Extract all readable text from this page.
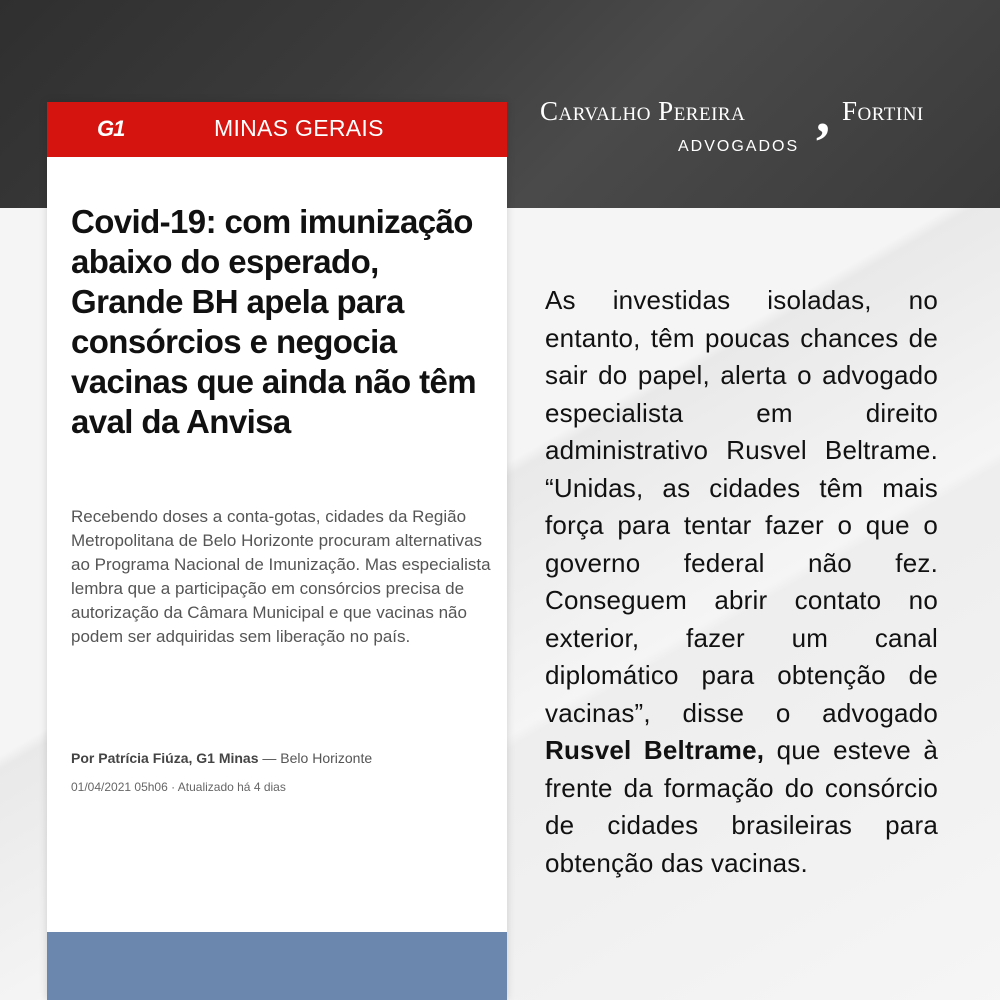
Carvalho Pereira , Fortini
ADVOGADOS
G1	MINAS GERAIS
Covid-19: com imunização abaixo do esperado, Grande BH apela para consórcios e negocia vacinas que ainda não têm aval da Anvisa

Recebendo doses a conta-gotas, cidades da Região Metropolitana de Belo Horizonte procuram alternativas ao Programa Nacional de Imunização. Mas especialista lembra que a participação em consórcios precisa de autorização da Câmara Municipal e que vacinas não podem ser adquiridas sem liberação no país.

Por Patrícia Fiúza, G1 Minas — Belo Horizonte
01/04/2021 05h06 · Atualizado há 4 dias

As investidas isoladas, no entanto, têm poucas chances de sair do papel, alerta o advogado especialista em direito administrativo Rusvel Beltrame. “Unidas, as cidades têm mais força para tentar fazer o que o governo federal não fez. Conseguem abrir contato no exterior, fazer um canal diplomático para obtenção de vacinas”, disse o advogado Rusvel Beltrame, que esteve à frente da formação do consórcio de cidades brasileiras para obtenção das vacinas.
